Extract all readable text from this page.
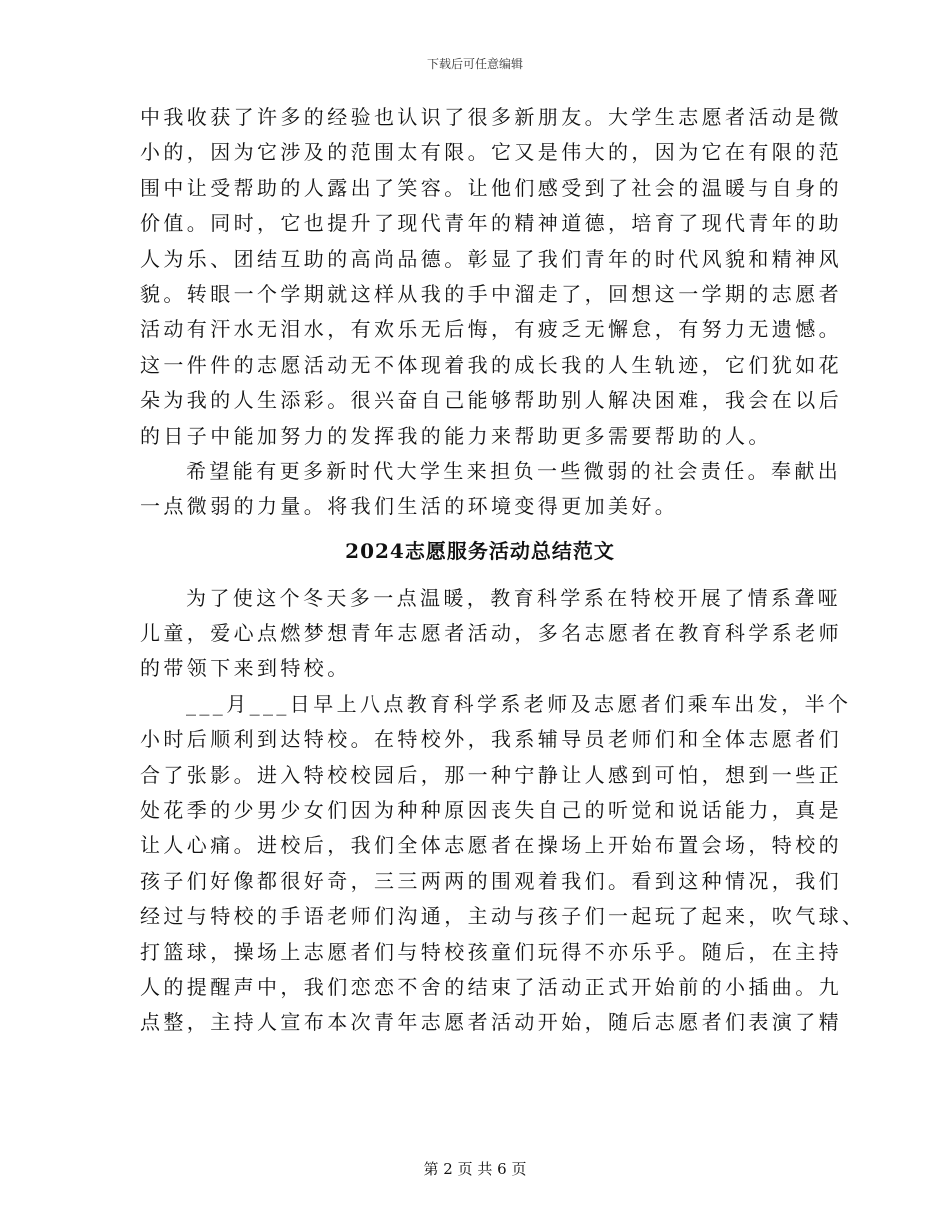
下载后可任意编辑
中我收获了许多的经验也认识了很多新朋友。大学生志愿者活动是微
小的，因为它涉及的范围太有限。它又是伟大的，因为它在有限的范
围中让受帮助的人露出了笑容。让他们感受到了社会的温暖与自身的
价值。同时，它也提升了现代青年的精神道德，培育了现代青年的助
人为乐、团结互助的高尚品德。彰显了我们青年的时代风貌和精神风
貌。转眼一个学期就这样从我的手中溜走了，回想这一学期的志愿者
活动有汗水无泪水，有欢乐无后悔，有疲乏无懈怠，有努力无遗憾。
这一件件的志愿活动无不体现着我的成长我的人生轨迹，它们犹如花
朵为我的人生添彩。很兴奋自己能够帮助别人解决困难，我会在以后
的日子中能加努力的发挥我的能力来帮助更多需要帮助的人。
希望能有更多新时代大学生来担负一些微弱的社会责任。奉献出
一点微弱的力量。将我们生活的环境变得更加美好。
2024志愿服务活动总结范文
为了使这个冬天多一点温暖，教育科学系在特校开展了情系聋哑
儿童，爱心点燃梦想青年志愿者活动，多名志愿者在教育科学系老师
的带领下来到特校。
___月___日早上八点教育科学系老师及志愿者们乘车出发，半个
小时后顺利到达特校。在特校外，我系辅导员老师们和全体志愿者们
合了张影。进入特校校园后，那一种宁静让人感到可怕，想到一些正
处花季的少男少女们因为种种原因丧失自己的听觉和说话能力，真是
让人心痛。进校后，我们全体志愿者在操场上开始布置会场，特校的
孩子们好像都很好奇，三三两两的围观着我们。看到这种情况，我们
经过与特校的手语老师们沟通，主动与孩子们一起玩了起来，吹气球、
打篮球，操场上志愿者们与特校孩童们玩得不亦乐乎。随后，在主持
人的提醒声中，我们恋恋不舍的结束了活动正式开始前的小插曲。九
点整，主持人宣布本次青年志愿者活动开始，随后志愿者们表演了精
第 2 页 共 6 页
